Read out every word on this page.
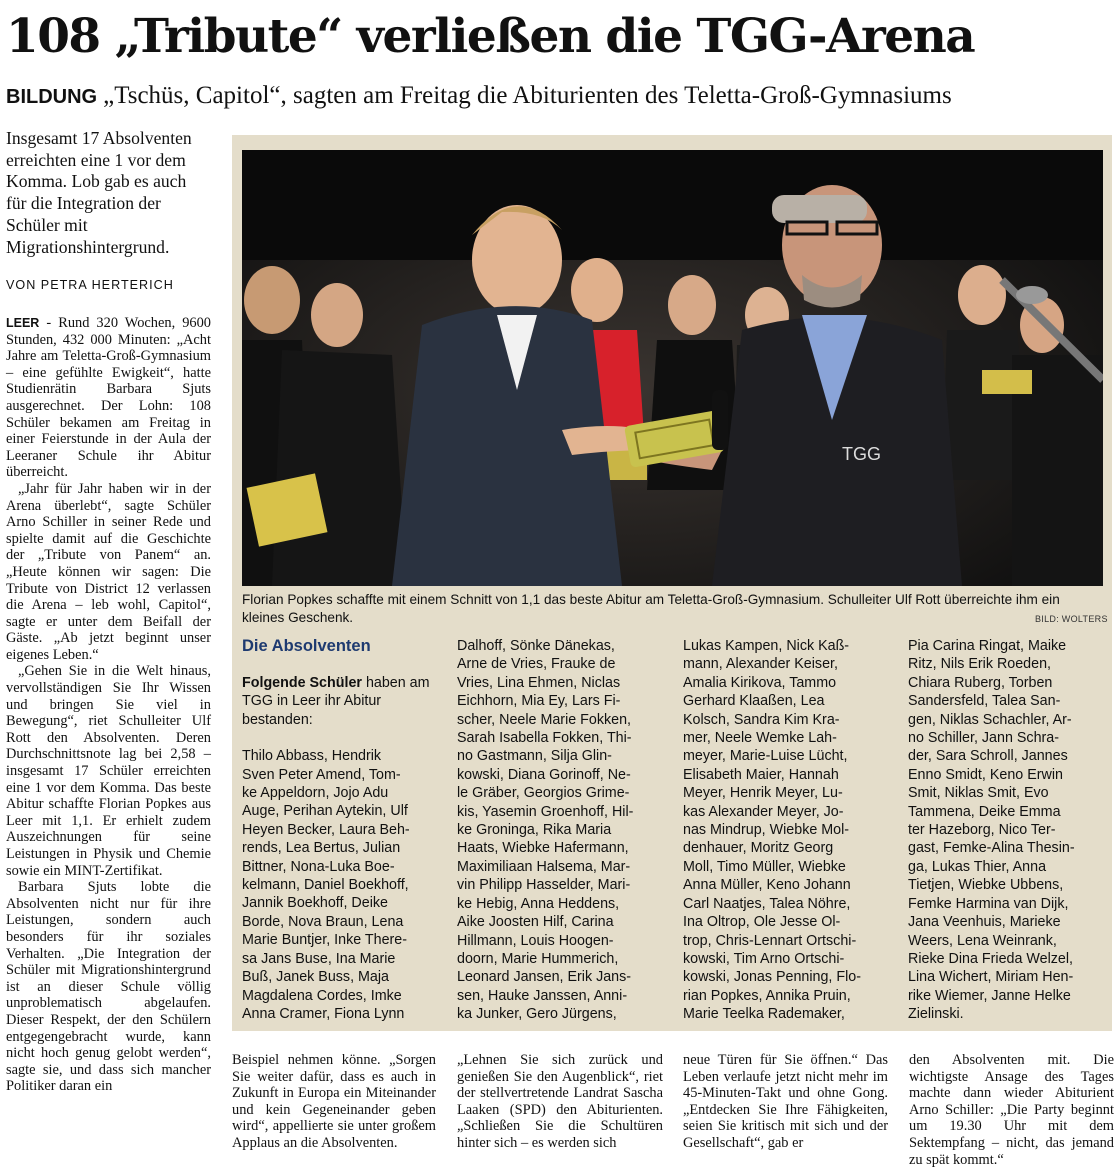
108 „Tribute“ verließen die TGG-Arena
BILDUNG „Tschüs, Capitol“, sagten am Freitag die Abiturienten des Teletta-Groß-Gymnasiums
Insgesamt 17 Absolventen erreichten eine 1 vor dem Komma. Lob gab es auch für die Integration der Schüler mit Migrationshintergrund.
VON PETRA HERTERICH

LEER - Rund 320 Wochen, 9600 Stunden, 432 000 Minuten: „Acht Jahre am Teletta-Groß-Gymnasium – eine gefühlte Ewigkeit“, hatte Studienrätin Barbara Sjuts ausgerechnet. Der Lohn: 108 Schüler bekamen am Freitag in einer Feierstunde in der Aula der Leeraner Schule ihr Abitur überreicht.

„Jahr für Jahr haben wir in der Arena überlebt“, sagte Schüler Arno Schiller in seiner Rede und spielte damit auf die Geschichte der „Tribute von Panem“ an. „Heute können wir sagen: Die Tribute von District 12 verlassen die Arena – leb wohl, Capitol“, sagte er unter dem Beifall der Gäste. „Ab jetzt beginnt unser eigenes Leben.“

„Gehen Sie in die Welt hinaus, vervollständigen Sie Ihr Wissen und bringen Sie viel in Bewegung“, riet Schulleiter Ulf Rott den Absolventen. Deren Durchschnittsnote lag bei 2,58 – insgesamt 17 Schüler erreichten eine 1 vor dem Komma. Das beste Abitur schaffte Florian Popkes aus Leer mit 1,1. Er erhielt zudem Auszeichnungen für seine Leistungen in Physik und Chemie sowie ein MINT-Zertifikat.

Barbara Sjuts lobte die Absolventen nicht nur für ihre Leistungen, sondern auch besonders für ihr soziales Verhalten. „Die Integration der Schüler mit Migrationshintergrund ist an dieser Schule völlig unproblematisch abgelaufen. Dieser Respekt, der den Schülern entgegengebracht wurde, kann nicht hoch genug gelobt werden“, sagte sie, und dass sich mancher Politiker daran ein

TGG
Florian Popkes schaffte mit einem Schnitt von 1,1 das beste Abitur am Teletta-Groß-Gymnasium. Schulleiter Ulf Rott überreichte ihm ein kleines Geschenk.	BILD: WOLTERS
Die Absolventen
Folgende Schüler haben am TGG in Leer ihr Abitur bestanden:
Thilo Abbass, Hendrik
Sven Peter Amend, Tom-
ke Appeldorn, Jojo Adu
Auge, Perihan Aytekin, Ulf
Heyen Becker, Laura Beh-
rends, Lea Bertus, Julian
Bittner, Nona-Luka Boe-
kelmann, Daniel Boekhoff,
Jannik Boekhoff, Deike
Borde, Nova Braun, Lena
Marie Buntjer, Inke There-
sa Jans Buse, Ina Marie
Buß, Janek Buss, Maja
Magdalena Cordes, Imke
Anna Cramer, Fiona Lynn
Dalhoff, Sönke Dänekas,
Arne de Vries, Frauke de
Vries, Lina Ehmen, Niclas
Eichhorn, Mia Ey, Lars Fi-
scher, Neele Marie Fokken,
Sarah Isabella Fokken, Thi-
no Gastmann, Silja Glin-
kowski, Diana Gorinoff, Ne-
le Gräber, Georgios Grime-
kis, Yasemin Groenhoff, Hil-
ke Groninga, Rika Maria
Haats, Wiebke Hafermann,
Maximiliaan Halsema, Mar-
vin Philipp Hasselder, Mari-
ke Hebig, Anna Heddens,
Aike Joosten Hilf, Carina
Hillmann, Louis Hoogen-
doorn, Marie Hummerich,
Leonard Jansen, Erik Jans-
sen, Hauke Janssen, Anni-
ka Junker, Gero Jürgens,
Lukas Kampen, Nick Kaß-
mann, Alexander Keiser,
Amalia Kirikova, Tammo
Gerhard Klaaßen, Lea
Kolsch, Sandra Kim Kra-
mer, Neele Wemke Lah-
meyer, Marie-Luise Lücht,
Elisabeth Maier, Hannah
Meyer, Henrik Meyer, Lu-
kas Alexander Meyer, Jo-
nas Mindrup, Wiebke Mol-
denhauer, Moritz Georg
Moll, Timo Müller, Wiebke
Anna Müller, Keno Johann
Carl Naatjes, Talea Nöhre,
Ina Oltrop, Ole Jesse Ol-
trop, Chris-Lennart Ortschi-
kowski, Tim Arno Ortschi-
kowski, Jonas Penning, Flo-
rian Popkes, Annika Pruin,
Marie Teelka Rademaker,
Pia Carina Ringat, Maike
Ritz, Nils Erik Roeden,
Chiara Ruberg, Torben
Sandersfeld, Talea San-
gen, Niklas Schachler, Ar-
no Schiller, Jann Schra-
der, Sara Schroll, Jannes
Enno Smidt, Keno Erwin
Smit, Niklas Smit, Evo
Tammena, Deike Emma
ter Hazeborg, Nico Ter-
gast, Femke-Alina Thesin-
ga, Lukas Thier, Anna
Tietjen, Wiebke Ubbens,
Femke Harmina van Dijk,
Jana Veenhuis, Marieke
Weers, Lena Weinrank,
Rieke Dina Frieda Welzel,
Lina Wichert, Miriam Hen-
rike Wiemer, Janne Helke
Zielinski.
Beispiel nehmen könne. „Sorgen Sie weiter dafür, dass es auch in Zukunft in Europa ein Miteinander und kein Gegeneinander geben wird“, appellierte sie unter großem Applaus an die Absolventen.
„Lehnen Sie sich zurück und genießen Sie den Augenblick“, riet der stellvertretende Landrat Sascha Laaken (SPD) den Abiturienten. „Schließen Sie die Schultüren hinter sich – es werden sich
neue Türen für Sie öffnen.“ Das Leben verlaufe jetzt nicht mehr im 45-Minuten-Takt und ohne Gong. „Entdecken Sie Ihre Fähigkeiten, seien Sie kritisch mit sich und der Gesellschaft“, gab er
den Absolventen mit. Die wichtigste Ansage des Tages machte dann wieder Abiturient Arno Schiller: „Die Party beginnt um 19.30 Uhr mit dem Sektempfang – nicht, das jemand zu spät kommt.“
